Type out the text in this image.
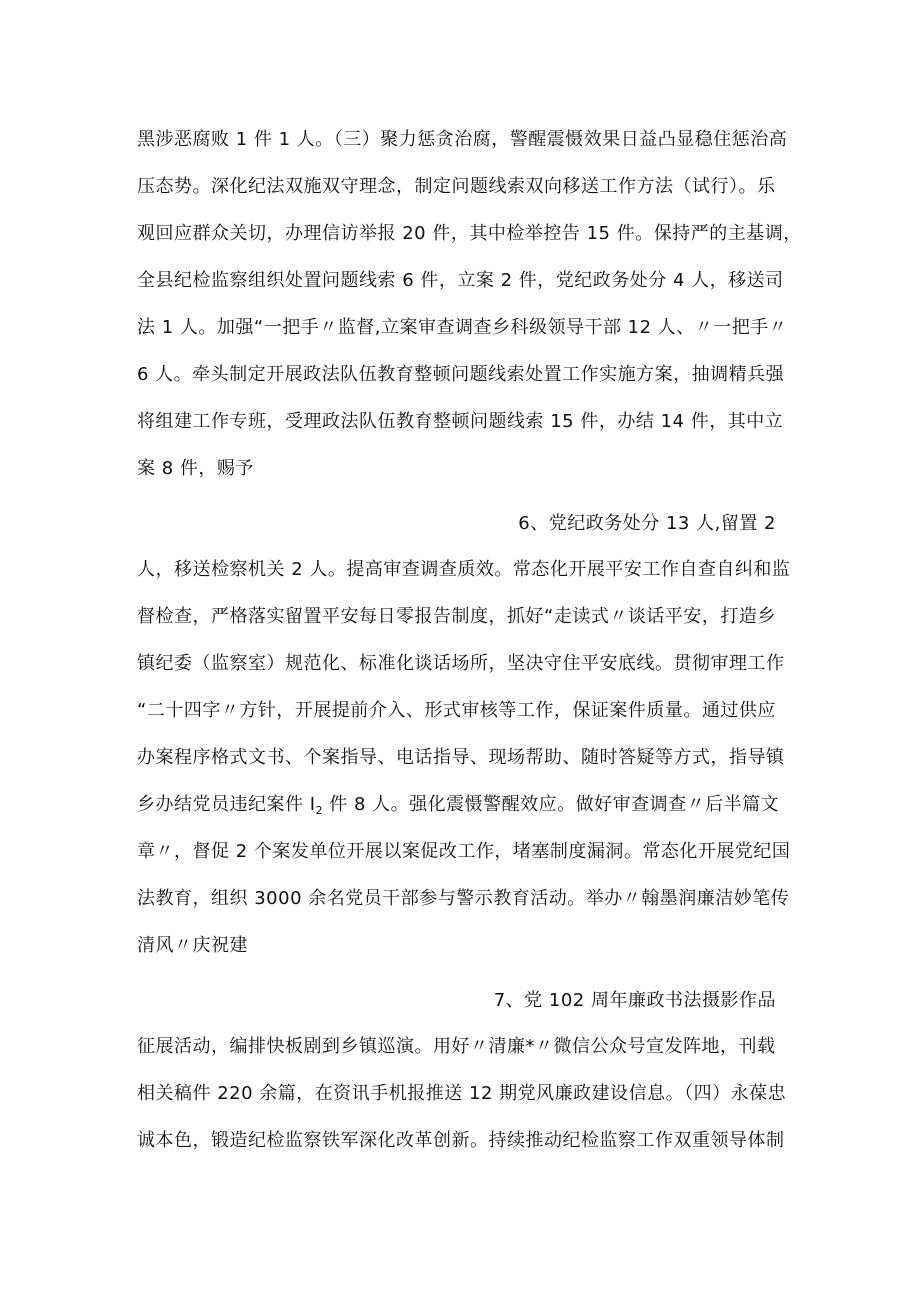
黑涉恶腐败 1 件 1 人。（三）聚力惩贪治腐，警醒震慑效果日益凸显稳住惩治高
压态势。深化纪法双施双守理念，制定问题线索双向移送工作方法（试行）。乐
观回应群众关切，办理信访举报 20 件，其中检举控告 15 件。保持严的主基调，
全县纪检监察组织处置问题线索 6 件，立案 2 件，党纪政务处分 4 人，移送司
法 1 人。加强“一把手〃监督,立案审查调查乡科级领导干部 12 人、〃一把手〃
6 人。牵头制定开展政法队伍教育整顿问题线索处置工作实施方案，抽调精兵强
将组建工作专班，受理政法队伍教育整顿问题线索 15 件，办结 14 件，其中立
案 8 件，赐予
6、党纪政务处分 13 人,留置 2
人，移送检察机关 2 人。提高审查调查质效。常态化开展平安工作自查自纠和监
督检查，严格落实留置平安每日零报告制度，抓好“走读式〃谈话平安，打造乡
镇纪委（监察室）规范化、标准化谈话场所，坚决守住平安底线。贯彻审理工作
“二十四字〃方针，开展提前介入、形式审核等工作，保证案件质量。通过供应
办案程序格式文书、个案指导、电话指导、现场帮助、随时答疑等方式，指导镇
乡办结党员违纪案件 $I_2$ 件 8 人。强化震慑警醒效应。做好审查调查〃后半篇文
章〃，督促 2 个案发单位开展以案促改工作，堵塞制度漏洞。常态化开展党纪国
法教育，组织 3000 余名党员干部参与警示教育活动。举办〃翰墨润廉洁妙笔传
清风〃庆祝建
7、党 102 周年廉政书法摄影作品
征展活动，编排快板剧到乡镇巡演。用好〃清廉*〃微信公众号宣发阵地，刊载
相关稿件 220 余篇，在资讯手机报推送 12 期党风廉政建设信息。（四）永葆忠
诚本色，锻造纪检监察铁军深化改革创新。持续推动纪检监察工作双重领导体制
